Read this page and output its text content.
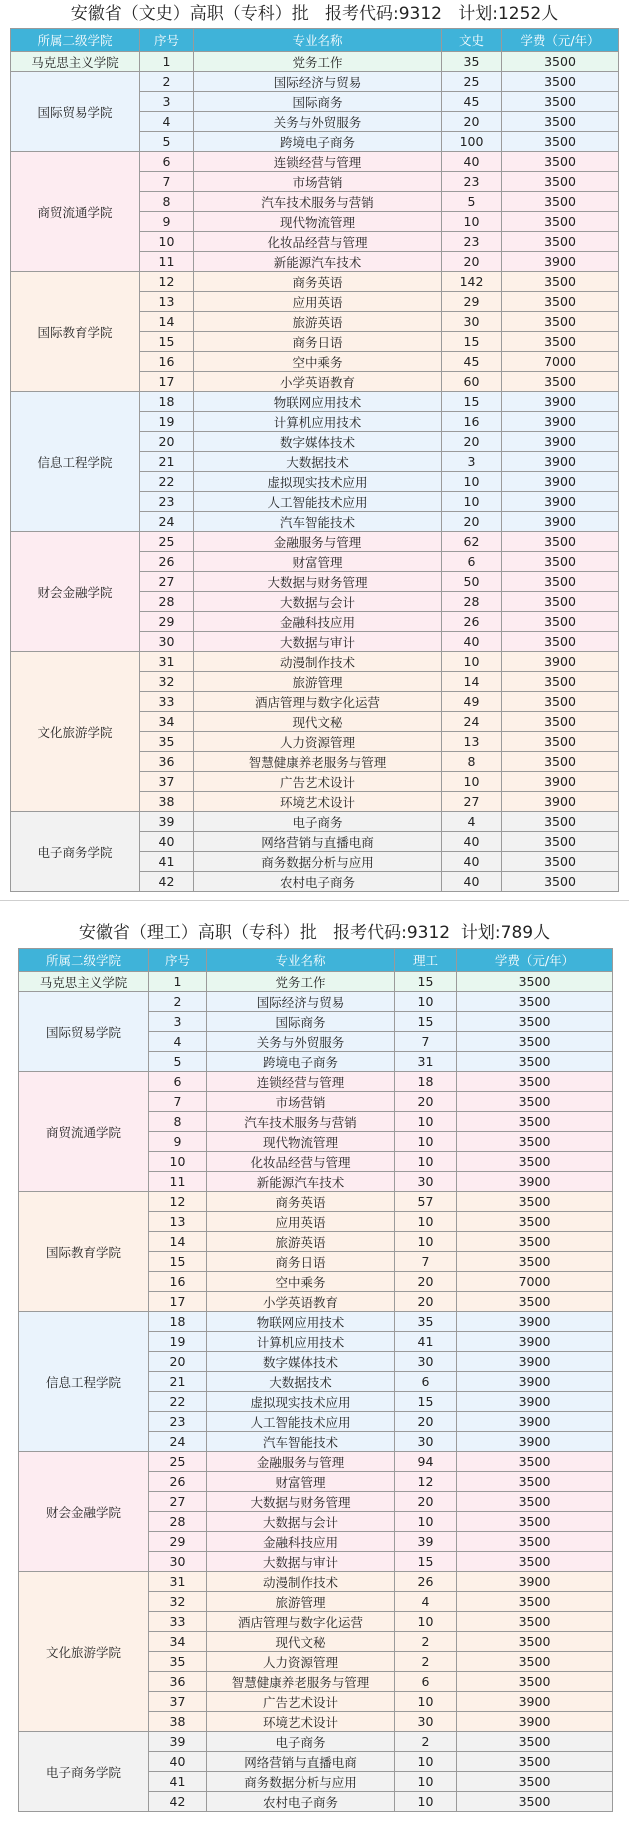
安徽省（文史）高职（专科）批   报考代码:9312   计划:1252人
所属二级学院	序号	专业名称	文史	学费（元/年）
马克思主义学院	1	党务工作	35	3500
国际贸易学院	2	国际经济与贸易	25	3500
	3	国际商务	45	3500
	4	关务与外贸服务	20	3500
	5	跨境电子商务	100	3500
商贸流通学院	6	连锁经营与管理	40	3500
	7	市场营销	23	3500
	8	汽车技术服务与营销	5	3500
	9	现代物流管理	10	3500
	10	化妆品经营与管理	23	3500
	11	新能源汽车技术	20	3900
国际教育学院	12	商务英语	142	3500
	13	应用英语	29	3500
	14	旅游英语	30	3500
	15	商务日语	15	3500
	16	空中乘务	45	7000
	17	小学英语教育	60	3500
信息工程学院	18	物联网应用技术	15	3900
	19	计算机应用技术	16	3900
	20	数字媒体技术	20	3900
	21	大数据技术	3	3900
	22	虚拟现实技术应用	10	3900
	23	人工智能技术应用	10	3900
	24	汽车智能技术	20	3900
财会金融学院	25	金融服务与管理	62	3500
	26	财富管理	6	3500
	27	大数据与财务管理	50	3500
	28	大数据与会计	28	3500
	29	金融科技应用	26	3500
	30	大数据与审计	40	3500
文化旅游学院	31	动漫制作技术	10	3900
	32	旅游管理	14	3500
	33	酒店管理与数字化运营	49	3500
	34	现代文秘	24	3500
	35	人力资源管理	13	3500
	36	智慧健康养老服务与管理	8	3500
	37	广告艺术设计	10	3900
	38	环境艺术设计	27	3900
电子商务学院	39	电子商务	4	3500
	40	网络营销与直播电商	40	3500
	41	商务数据分析与应用	40	3500
	42	农村电子商务	40	3500
安徽省（理工）高职（专科）批   报考代码:9312  计划:789人
所属二级学院	序号	专业名称	理工	学费（元/年）
马克思主义学院	1	党务工作	15	3500
国际贸易学院	2	国际经济与贸易	10	3500
	3	国际商务	15	3500
	4	关务与外贸服务	7	3500
	5	跨境电子商务	31	3500
商贸流通学院	6	连锁经营与管理	18	3500
	7	市场营销	20	3500
	8	汽车技术服务与营销	10	3500
	9	现代物流管理	10	3500
	10	化妆品经营与管理	10	3500
	11	新能源汽车技术	30	3900
国际教育学院	12	商务英语	57	3500
	13	应用英语	10	3500
	14	旅游英语	10	3500
	15	商务日语	7	3500
	16	空中乘务	20	7000
	17	小学英语教育	20	3500
信息工程学院	18	物联网应用技术	35	3900
	19	计算机应用技术	41	3900
	20	数字媒体技术	30	3900
	21	大数据技术	6	3900
	22	虚拟现实技术应用	15	3900
	23	人工智能技术应用	20	3900
	24	汽车智能技术	30	3900
财会金融学院	25	金融服务与管理	94	3500
	26	财富管理	12	3500
	27	大数据与财务管理	20	3500
	28	大数据与会计	10	3500
	29	金融科技应用	39	3500
	30	大数据与审计	15	3500
文化旅游学院	31	动漫制作技术	26	3900
	32	旅游管理	4	3500
	33	酒店管理与数字化运营	10	3500
	34	现代文秘	2	3500
	35	人力资源管理	2	3500
	36	智慧健康养老服务与管理	6	3500
	37	广告艺术设计	10	3900
	38	环境艺术设计	30	3900
电子商务学院	39	电子商务	2	3500
	40	网络营销与直播电商	10	3500
	41	商务数据分析与应用	10	3500
	42	农村电子商务	10	3500
